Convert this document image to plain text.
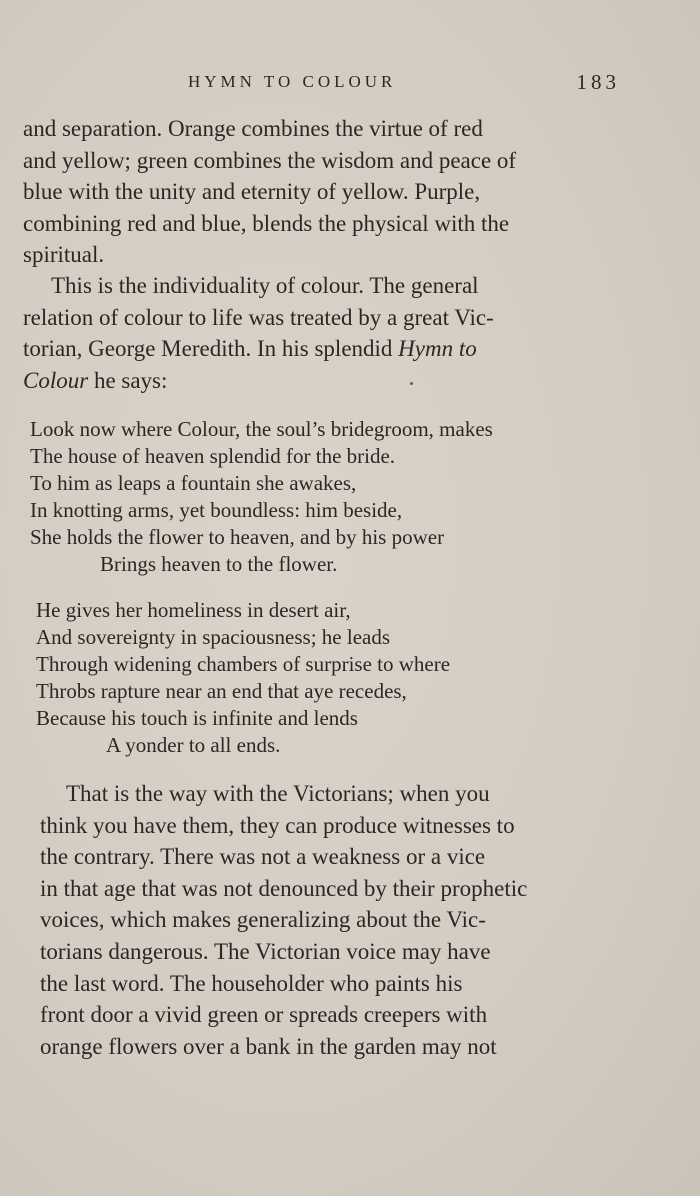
HYMN TO COLOUR	183

and separation. Orange combines the virtue of red
and yellow; green combines the wisdom and peace of
blue with the unity and eternity of yellow. Purple,
combining red and blue, blends the physical with the
spiritual.

This is the individuality of colour. The general
relation of colour to life was treated by a great Vic-
torian, George Meredith. In his splendid Hymn to
Colour he says:

Look now where Colour, the soul’s bridegroom, makes
The house of heaven splendid for the bride.
To him as leaps a fountain she awakes,
In knotting arms, yet boundless: him beside,
She holds the flower to heaven, and by his power
Brings heaven to the flower.
He gives her homeliness in desert air,
And sovereignty in spaciousness; he leads
Through widening chambers of surprise to where
Throbs rapture near an end that aye recedes,
Because his touch is infinite and lends
A yonder to all ends.

That is the way with the Victorians; when you
think you have them, they can produce witnesses to
the contrary. There was not a weakness or a vice
in that age that was not denounced by their prophetic
voices, which makes generalizing about the Vic-
torians dangerous. The Victorian voice may have
the last word. The householder who paints his
front door a vivid green or spreads creepers with
orange flowers over a bank in the garden may not
